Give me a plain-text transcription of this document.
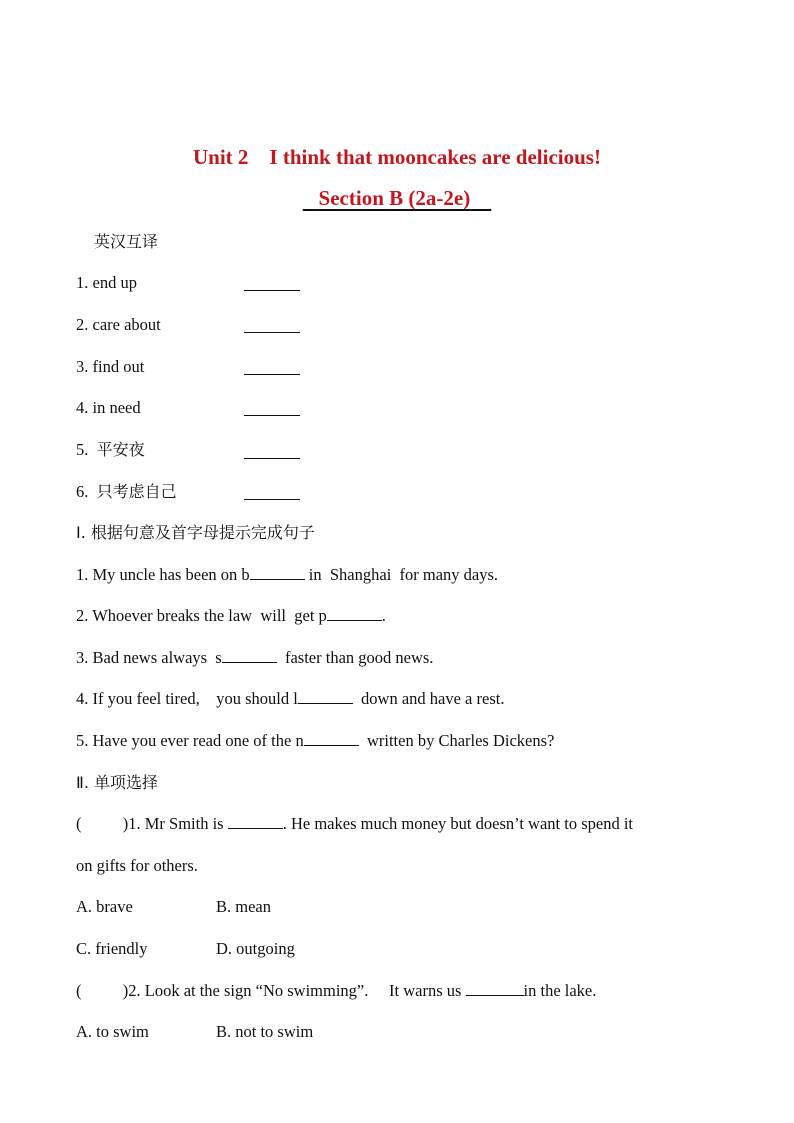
Unit 2    I think that mooncakes are delicious!
Section B (2a-2e)
英汉互译
1. end up
2. care about
3. find out
4. in need
5. 平安夜
6. 只考虑自己
Ⅰ. 根据句意及首字母提示完成句子
1. My uncle has been on b	in  Shanghai  for many days.
2. Whoever breaks the law  will  get p	.
3. Bad news always  s	faster than good news.
4. If you feel tired,    you should l	down and have a rest.
5. Have you ever read one of the n	written by Charles Dickens?
Ⅱ. 单项选择
(          )1. Mr Smith is	. He makes much money but doesn’t want to spend it
on gifts for others.
A. brave	B. mean
C. friendly	D. outgoing
(          )2. Look at the sign “No swimming”.     It warns us	in the lake.
A. to swim	B. not to swim
